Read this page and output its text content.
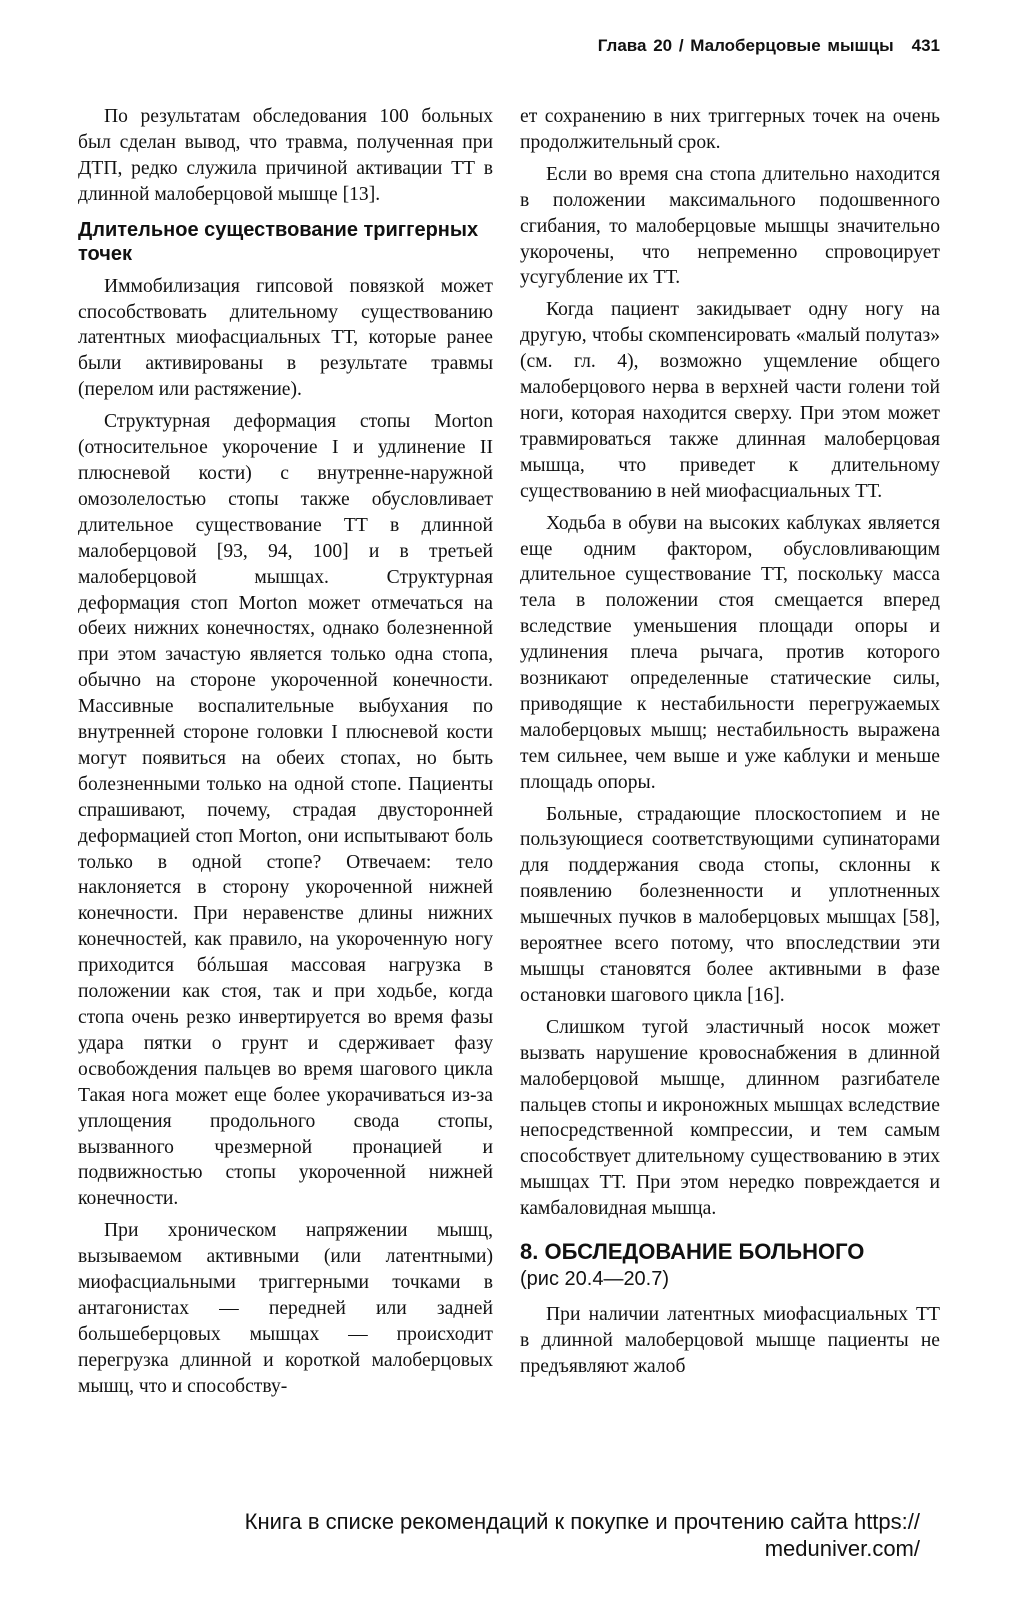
Глава 20 / Малоберцовые мышцы 431

По результатам обследования 100 больных был сделан вывод, что травма, полученная при ДТП, редко служила причиной активации ТТ в длинной малоберцовой мышце [13].

Длительное существование триггерных точек

Иммобилизация гипсовой повязкой может способствовать длительному существованию латентных миофасциальных ТТ, которые ранее были активированы в результате травмы (перелом или растяжение).

Структурная деформация стопы Morton (относительное укорочение I и удлинение II плюсневой кости) с внутреннe-наружной омозолелостью стопы также обусловливает длительное существование ТТ в длинной малоберцовой [93, 94, 100] и в третьей малоберцовой мышцах. Структурная деформация стоп Morton может отмечаться на обеих нижних конечностях, однако болезненной при этом зачастую является только одна стопа, обычно на стороне укороченной конечности. Массивные воспалительные выбухания по внутренней стороне головки I плюсневой кости могут появиться на обеих стопах, но быть болезненными только на одной стопе. Пациенты спрашивают, почему, страдая двусторонней деформацией стоп Morton, они испытывают боль только в одной стопе? Отвечаем: тело наклоняется в сторону укороченной нижней конечности. При неравенстве длины нижних конечностей, как правило, на укороченную ногу приходится бóльшая массовая нагрузка в положении как стоя, так и при ходьбе, когда стопа очень резко инвертируется во время фазы удара пятки о грунт и сдерживает фазу освобождения пальцев во время шагового цикла Такая нога может еще более укорачиваться из-за уплощения продольного свода стопы, вызванного чрезмерной пронацией и подвижностью стопы укороченной нижней конечности.

При хроническом напряжении мышц, вызываемом активными (или латентными) миофасциальными триггерными точками в антагонистах — передней или задней большеберцовых мышцах — происходит перегрузка длинной и короткой малоберцовых мышц, что и способству-

ет сохранению в них триггерных точек на очень продолжительный срок.

Если во время сна стопа длительно находится в положении максимального подошвенного сгибания, то малоберцовые мышцы значительно укорочены, что непременно спровоцирует усугубление их ТТ.

Когда пациент закидывает одну ногу на другую, чтобы скомпенсировать «малый полутаз» (см. гл. 4), возможно ущемление общего малоберцового нерва в верхней части голени той ноги, которая находится сверху. При этом может травмироваться также длинная малоберцовая мышца, что приведет к длительному существованию в ней миофасциальных ТТ.

Ходьба в обуви на высоких каблуках является еще одним фактором, обусловливающим длительное существование ТТ, поскольку масса тела в положении стоя смещается вперед вследствие уменьшения площади опоры и удлинения плеча рычага, против которого возникают определенные статические силы, приводящие к нестабильности перегружаемых малоберцовых мышц; нестабильность выражена тем сильнее, чем выше и уже каблуки и меньше площадь опоры.

Больные, страдающие плоскостопием и не пользующиеся соответствующими супинаторами для поддержания свода стопы, склонны к появлению болезненности и уплотненных мышечных пучков в малоберцовых мышцах [58], вероятнее всего потому, что впоследствии эти мышцы становятся более активными в фазе остановки шагового цикла [16].

Слишком тугой эластичный носок может вызвать нарушение кровоснабжения в длинной малоберцовой мышце, длинном разгибателе пальцев стопы и икроножных мышцах вследствие непосредственной компрессии, и тем самым способствует длительному существованию в этих мышцах ТТ. При этом нередко повреждается и камбаловидная мышца.

8. ОБСЛЕДОВАНИЕ БОЛЬНОГО
(рис 20.4—20.7)

При наличии латентных миофасциальных ТТ в длинной малоберцовой мышце пациенты не предъявляют жалоб

Книга в списке рекомендаций к покупке и прочтению сайта https:// meduniver.com/
